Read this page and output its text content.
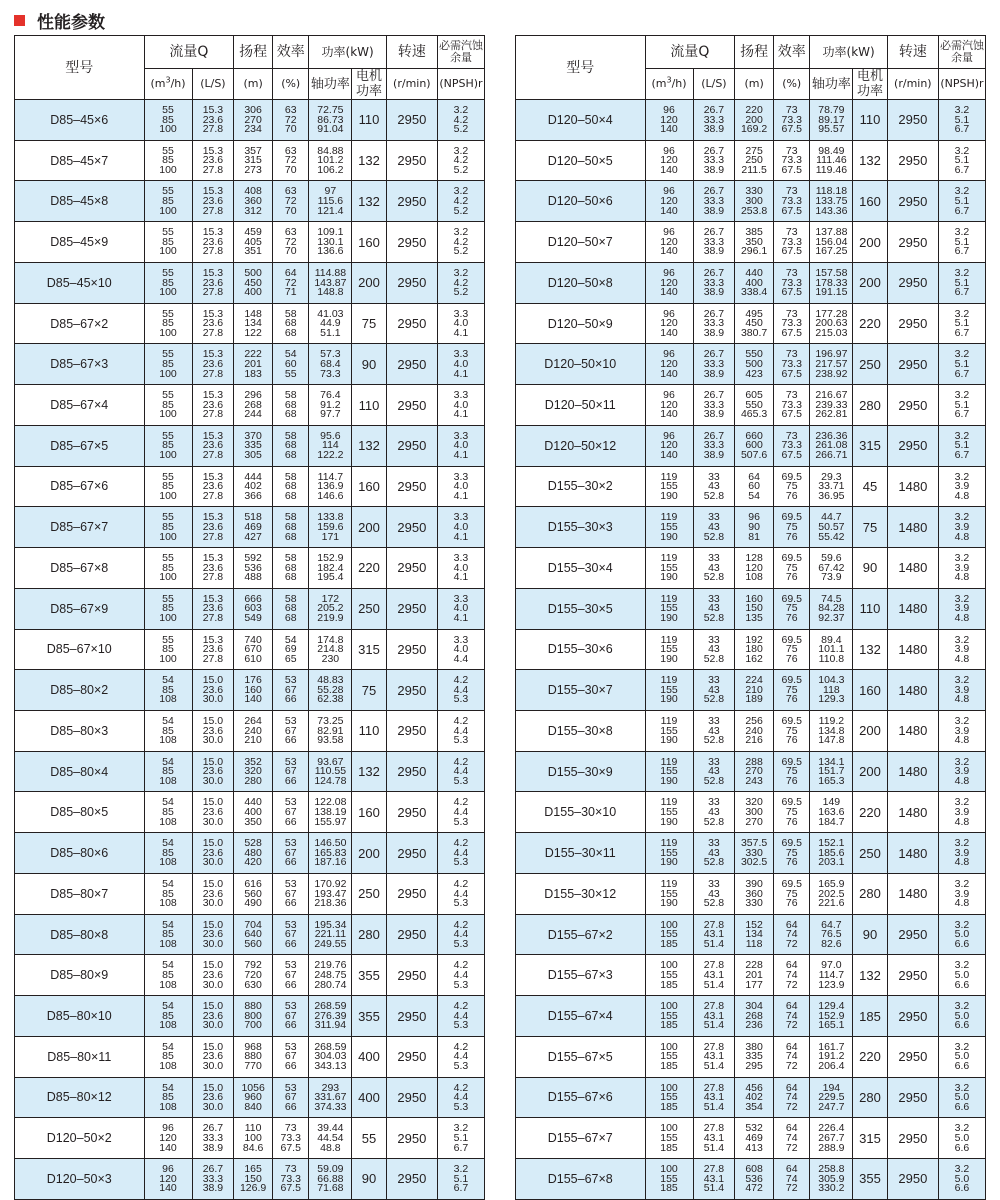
性能参数
型号	流量Q		扬程	效率	功率(kW)		转速	必需汽蚀余量
	$(m^3/h)$	(L/S)	(m)	(%)	轴功率	电机功率	(r/min)	(NPSH)r
D85–45×6	55
85
100	15.3
23.6
27.8	306
270
234	63
72
70	72.75
86.73
91.04	110	2950	3.2
4.2
5.2

D85–45×7	55
85
100	15.3
23.6
27.8	357
315
273	63
72
70	84.88
101.2
106.2	132	2950	3.2
4.2
5.2

D85–45×8	55
85
100	15.3
23.6
27.8	408
360
312	63
72
70	97
115.6
121.4	132	2950	3.2
4.2
5.2

D85–45×9	55
85
100	15.3
23.6
27.8	459
405
351	63
72
70	109.1
130.1
136.6	160	2950	3.2
4.2
5.2

D85–45×10	55
85
100	15.3
23.6
27.8	500
450
400	64
72
71	114.88
143.87
148.8	200	2950	3.2
4.2
5.2

D85–67×2	55
85
100	15.3
23.6
27.8	148
134
122	58
68
68	41.03
44.9
51.1	75	2950	3.3
4.0
4.1

D85–67×3	55
85
100	15.3
23.6
27.8	222
201
183	54
60
55	57.3
68.4
73.3	90	2950	3.3
4.0
4.1

D85–67×4	55
85
100	15.3
23.6
27.8	296
268
244	58
68
68	76.4
91.2
97.7	110	2950	3.3
4.0
4.1

D85–67×5	55
85
100	15.3
23.6
27.8	370
335
305	58
68
68	95.6
114
122.2	132	2950	3.3
4.0
4.1

D85–67×6	55
85
100	15.3
23.6
27.8	444
402
366	58
68
68	114.7
136.9
146.6	160	2950	3.3
4.0
4.1

D85–67×7	55
85
100	15.3
23.6
27.8	518
469
427	58
68
68	133.8
159.6
171	200	2950	3.3
4.0
4.1

D85–67×8	55
85
100	15.3
23.6
27.8	592
536
488	58
68
68	152.9
182.4
195.4	220	2950	3.3
4.0
4.1

D85–67×9	55
85
100	15.3
23.6
27.8	666
603
549	58
68
68	172
205.2
219.9	250	2950	3.3
4.0
4.1

D85–67×10	55
85
100	15.3
23.6
27.8	740
670
610	54
69
65	174.8
214.8
230	315	2950	3.3
4.0
4.4

D85–80×2	54
85
108	15.0
23.6
30.0	176
160
140	53
67
66	48.83
55.28
62.38	75	2950	4.2
4.4
5.3

D85–80×3	54
85
108	15.0
23.6
30.0	264
240
210	53
67
66	73.25
82.91
93.58	110	2950	4.2
4.4
5.3

D85–80×4	54
85
108	15.0
23.6
30.0	352
320
280	53
67
66	93.67
110.55
124.78	132	2950	4.2
4.4
5.3

D85–80×5	54
85
108	15.0
23.6
30.0	440
400
350	53
67
66	122.08
138.19
155.97	160	2950	4.2
4.4
5.3

D85–80×6	54
85
108	15.0
23.6
30.0	528
480
420	53
67
66	146.50
165.83
187.16	200	2950	4.2
4.4
5.3

D85–80×7	54
85
108	15.0
23.6
30.0	616
560
490	53
67
66	170.92
193.47
218.36	250	2950	4.2
4.4
5.3

D85–80×8	54
85
108	15.0
23.6
30.0	704
640
560	53
67
66	195.34
221.11
249.55	280	2950	4.2
4.4
5.3

D85–80×9	54
85
108	15.0
23.6
30.0	792
720
630	53
67
66	219.76
248.75
280.74	355	2950	4.2
4.4
5.3

D85–80×10	54
85
108	15.0
23.6
30.0	880
800
700	53
67
66	268.59
276.39
311.94	355	2950	4.2
4.4
5.3

D85–80×11	54
85
108	15.0
23.6
30.0	968
880
770	53
67
66	268.59
304.03
343.13	400	2950	4.2
4.4
5.3

D85–80×12	54
85
108	15.0
23.6
30.0	1056
960
840	53
67
66	293
331.67
374.33	400	2950	4.2
4.4
5.3

D120–50×2	96
120
140	26.7
33.3
38.9	110
100
84.6	73
73.3
67.5	39.44
44.54
48.8	55	2950	3.2
5.1
6.7

D120–50×3	96
120
140	26.7
33.3
38.9	165
150
126.9	73
73.3
67.5	59.09
66.88
71.68	90	2950	3.2
5.1
6.7
型号	流量Q		扬程	效率	功率(kW)		转速	必需汽蚀余量
	$(m^3/h)$	(L/S)	(m)	(%)	轴功率	电机功率	(r/min)	(NPSH)r
D120–50×4	96
120
140	26.7
33.3
38.9	220
200
169.2	73
73.3
67.5	78.79
89.17
95.57	110	2950	3.2
5.1
6.7

D120–50×5	96
120
140	26.7
33.3
38.9	275
250
211.5	73
73.3
67.5	98.49
111.46
119.46	132	2950	3.2
5.1
6.7

D120–50×6	96
120
140	26.7
33.3
38.9	330
300
253.8	73
73.3
67.5	118.18
133.75
143.36	160	2950	3.2
5.1
6.7

D120–50×7	96
120
140	26.7
33.3
38.9	385
350
296.1	73
73.3
67.5	137.88
156.04
167.25	200	2950	3.2
5.1
6.7

D120–50×8	96
120
140	26.7
33.3
38.9	440
400
338.4	73
73.3
67.5	157.58
178.33
191.15	200	2950	3.2
5.1
6.7

D120–50×9	96
120
140	26.7
33.3
38.9	495
450
380.7	73
73.3
67.5	177.28
200.63
215.03	220	2950	3.2
5.1
6.7

D120–50×10	96
120
140	26.7
33.3
38.9	550
500
423	73
73.3
67.5	196.97
217.57
238.92	250	2950	3.2
5.1
6.7

D120–50×11	96
120
140	26.7
33.3
38.9	605
550
465.3	73
73.3
67.5	216.67
239.33
262.81	280	2950	3.2
5.1
6.7

D120–50×12	96
120
140	26.7
33.3
38.9	660
600
507.6	73
73.3
67.5	236.36
261.08
266.71	315	2950	3.2
5.1
6.7

D155–30×2	119
155
190	33
43
52.8	64
60
54	69.5
75
76	29.3
33.71
36.95	45	1480	3.2
3.9
4.8

D155–30×3	119
155
190	33
43
52.8	96
90
81	69.5
75
76	44.7
50.57
55.42	75	1480	3.2
3.9
4.8

D155–30×4	119
155
190	33
43
52.8	128
120
108	69.5
75
76	59.6
67.42
73.9	90	1480	3.2
3.9
4.8

D155–30×5	119
155
190	33
43
52.8	160
150
135	69.5
75
76	74.5
84.28
92.37	110	1480	3.2
3.9
4.8

D155–30×6	119
155
190	33
43
52.8	192
180
162	69.5
75
76	89.4
101.1
110.8	132	1480	3.2
3.9
4.8

D155–30×7	119
155
190	33
43
52.8	224
210
189	69.5
75
76	104.3
118
129.3	160	1480	3.2
3.9
4.8

D155–30×8	119
155
190	33
43
52.8	256
240
216	69.5
75
76	119.2
134.8
147.8	200	1480	3.2
3.9
4.8

D155–30×9	119
155
190	33
43
52.8	288
270
243	69.5
75
76	134.1
151.7
165.3	200	1480	3.2
3.9
4.8

D155–30×10	119
155
190	33
43
52.8	320
300
270	69.5
75
76	149
163.6
184.7	220	1480	3.2
3.9
4.8

D155–30×11	119
155
190	33
43
52.8	357.5
330
302.5	69.5
75
76	152.1
185.6
203.1	250	1480	3.2
3.9
4.8

D155–30×12	119
155
190	33
43
52.8	390
360
330	69.5
75
76	165.9
202.5
221.6	280	1480	3.2
3.9
4.8

D155–67×2	100
155
185	27.8
43.1
51.4	152
134
118	64
74
72	64.7
76.5
82.6	90	2950	3.2
5.0
6.6

D155–67×3	100
155
185	27.8
43.1
51.4	228
201
177	64
74
72	97.0
114.7
123.9	132	2950	3.2
5.0
6.6

D155–67×4	100
155
185	27.8
43.1
51.4	304
268
236	64
74
72	129.4
152.9
165.1	185	2950	3.2
5.0
6.6

D155–67×5	100
155
185	27.8
43.1
51.4	380
335
295	64
74
72	161.7
191.2
206.4	220	2950	3.2
5.0
6.6

D155–67×6	100
155
185	27.8
43.1
51.4	456
402
354	64
74
72	194
229.5
247.7	280	2950	3.2
5.0
6.6

D155–67×7	100
155
185	27.8
43.1
51.4	532
469
413	64
74
72	226.4
267.7
288.9	315	2950	3.2
5.0
6.6

D155–67×8	100
155
185	27.8
43.1
51.4	608
536
472	64
74
72	258.8
305.9
330.2	355	2950	3.2
5.0
6.6
